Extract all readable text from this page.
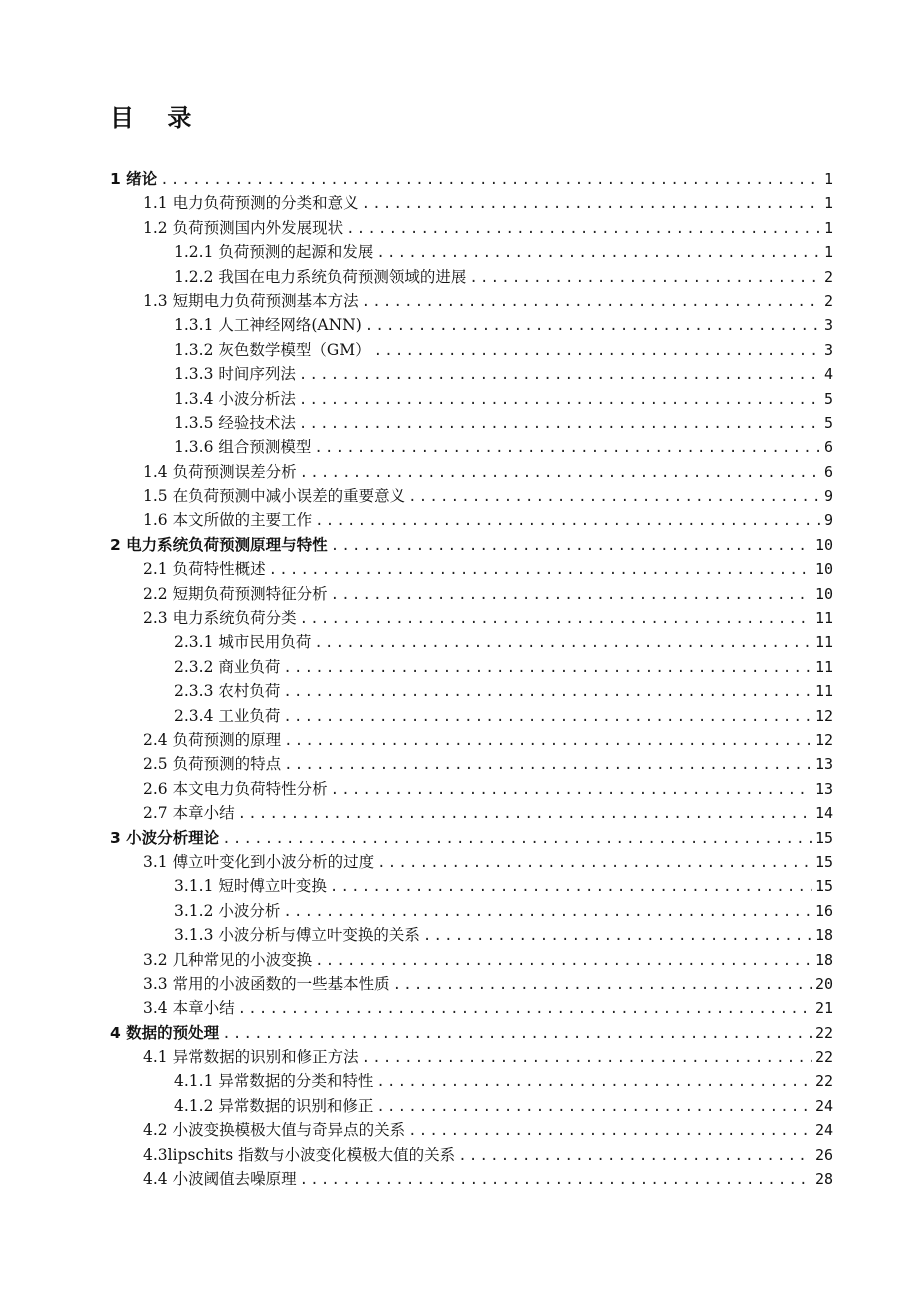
目    录
1 绪论 .....	1
1.1 电力负荷预测的分类和意义 .....	1
1.2 负荷预测国内外发展现状 .....	1
1.2.1 负荷预测的起源和发展 .....	1
1.2.2 我国在电力系统负荷预测领域的进展 .....	2
1.3 短期电力负荷预测基本方法 .....	2
1.3.1 人工神经网络(ANN) .....	3
1.3.2 灰色数学模型（GM） .....	3
1.3.3 时间序列法 .....	4
1.3.4 小波分析法 .....	5
1.3.5 经验技术法 .....	5
1.3.6 组合预测模型 .....	6
1.4 负荷预测误差分析 .....	6
1.5 在负荷预测中减小误差的重要意义 .....	9
1.6 本文所做的主要工作 .....	9
2 电力系统负荷预测原理与特性 .....	10
2.1 负荷特性概述 .....	10
2.2 短期负荷预测特征分析 .....	10
2.3 电力系统负荷分类 .....	11
2.3.1 城市民用负荷 .....	11
2.3.2 商业负荷 .....	11
2.3.3 农村负荷 .....	11
2.3.4 工业负荷 .....	12
2.4 负荷预测的原理 .....	12
2.5 负荷预测的特点 .....	13
2.6 本文电力负荷特性分析 .....	13
2.7 本章小结 .....	14
3 小波分析理论 .....	15
3.1 傅立叶变化到小波分析的过度 .....	15
3.1.1 短时傅立叶变换 .....	15
3.1.2 小波分析 .....	16
3.1.3 小波分析与傅立叶变换的关系 .....	18
3.2 几种常见的小波变换 .....	18
3.3 常用的小波函数的一些基本性质 .....	20
3.4 本章小结 .....	21
4 数据的预处理 .....	22
4.1 异常数据的识别和修正方法 .....	22
4.1.1 异常数据的分类和特性 .....	22
4.1.2 异常数据的识别和修正 .....	24
4.2 小波变换模极大值与奇异点的关系 .....	24
4.3lipschits 指数与小波变化模极大值的关系 .....	26
4.4 小波阈值去噪原理 .....	28
